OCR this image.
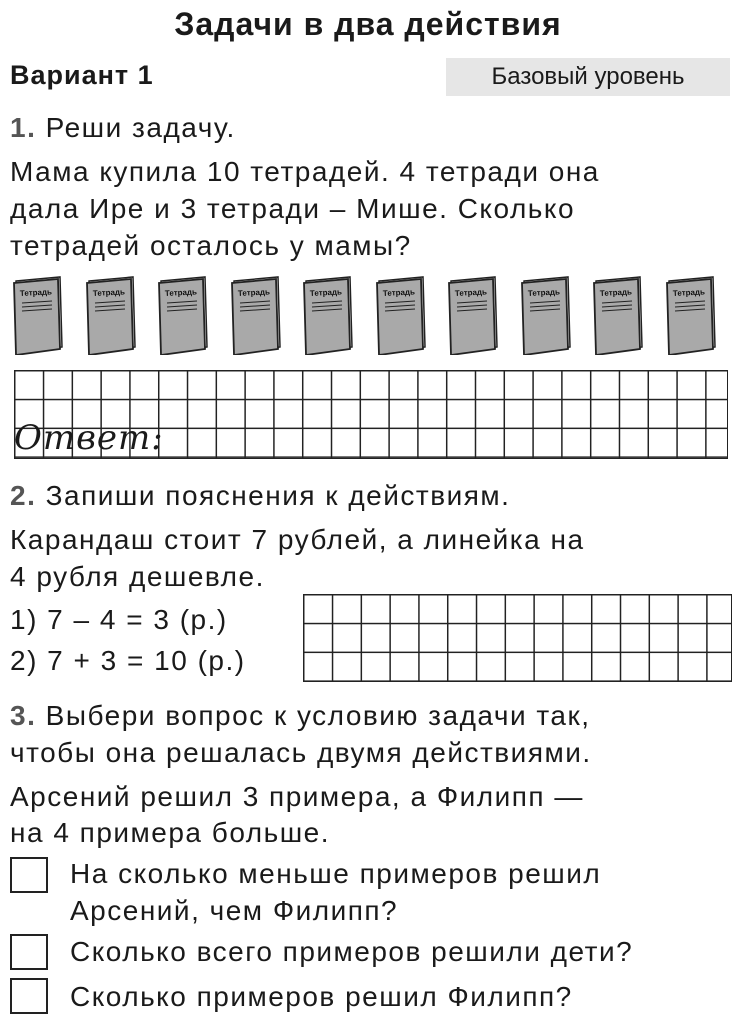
Задачи в два действия
Вариант 1	Базовый уровень
1. Реши задачу.
Мама купила 10 тетрадей. 4 тетради она
дала Ире и 3 тетради – Мише. Сколько
тетрадей осталось у мамы?
Тетрадь	Тетрадь	Тетрадь	Тетрадь	Тетрадь	Тетрадь	Тетрадь	Тетрадь	Тетрадь	Тетрадь
Ответ:
2. Запиши пояснения к действиям.
Карандаш стоит 7 рублей, а линейка на
4 рубля дешевле.
1) 7 – 4 = 3 (р.)
2) 7 + 3 = 10 (р.)
3. Выбери вопрос к условию задачи так,
чтобы она решалась двумя действиями.
Арсений решил 3 примера, а Филипп —
на 4 примера больше.
На сколько меньше примеров решил
Арсений, чем Филипп?
Сколько всего примеров решили дети?
Сколько примеров решил Филипп?
